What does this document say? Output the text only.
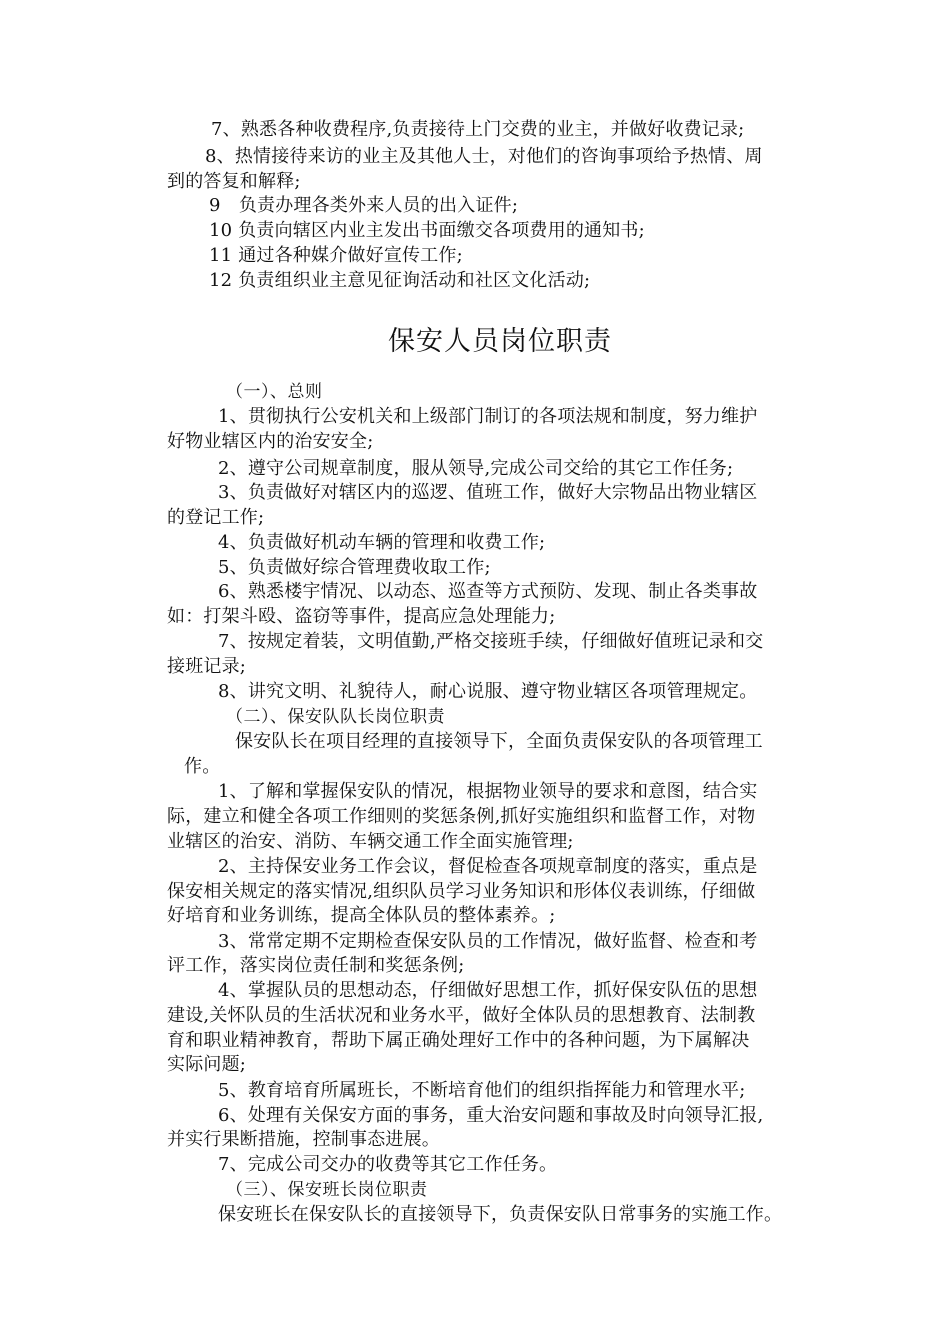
7、熟悉各种收费程序,负责接待上门交费的业主，并做好收费记录;
8、热情接待来访的业主及其他人士，对他们的咨询事项给予热情、周
到的答复和解释;
9　负责办理各类外来人员的出入证件;
10 负责向辖区内业主发出书面缴交各项费用的通知书;
11 通过各种媒介做好宣传工作;
12 负责组织业主意见征询活动和社区文化活动;
保安人员岗位职责
（一）、总则
1、贯彻执行公安机关和上级部门制订的各项法规和制度，努力维护
好物业辖区内的治安安全;
2、遵守公司规章制度，服从领导,完成公司交给的其它工作任务;
3、负责做好对辖区内的巡逻、值班工作，做好大宗物品出物业辖区
的登记工作;
4、负责做好机动车辆的管理和收费工作;
5、负责做好综合管理费收取工作;
6、熟悉楼宇情况、以动态、巡查等方式预防、发现、制止各类事故
如：打架斗殴、盗窃等事件，提高应急处理能力;
7、按规定着装，文明值勤,严格交接班手续，仔细做好值班记录和交
接班记录;
8、讲究文明、礼貌待人，耐心说服、遵守物业辖区各项管理规定。
（二）、保安队队长岗位职责
保安队长在项目经理的直接领导下，全面负责保安队的各项管理工
作。
1、了解和掌握保安队的情况，根据物业领导的要求和意图，结合实
际，建立和健全各项工作细则的奖惩条例,抓好实施组织和监督工作，对物
业辖区的治安、消防、车辆交通工作全面实施管理;
2、主持保安业务工作会议，督促检查各项规章制度的落实，重点是
保安相关规定的落实情况,组织队员学习业务知识和形体仪表训练，仔细做
好培育和业务训练，提高全体队员的整体素养。;
3、常常定期不定期检查保安队员的工作情况，做好监督、检查和考
评工作，落实岗位责任制和奖惩条例;
4、掌握队员的思想动态，仔细做好思想工作，抓好保安队伍的思想
建设,关怀队员的生活状况和业务水平，做好全体队员的思想教育、法制教
育和职业精神教育，帮助下属正确处理好工作中的各种问题，为下属解决
实际问题;
5、教育培育所属班长，不断培育他们的组织指挥能力和管理水平;
6、处理有关保安方面的事务，重大治安问题和事故及时向领导汇报,
并实行果断措施，控制事态进展。
7、完成公司交办的收费等其它工作任务。
（三）、保安班长岗位职责
保安班长在保安队长的直接领导下，负责保安队日常事务的实施工作。
